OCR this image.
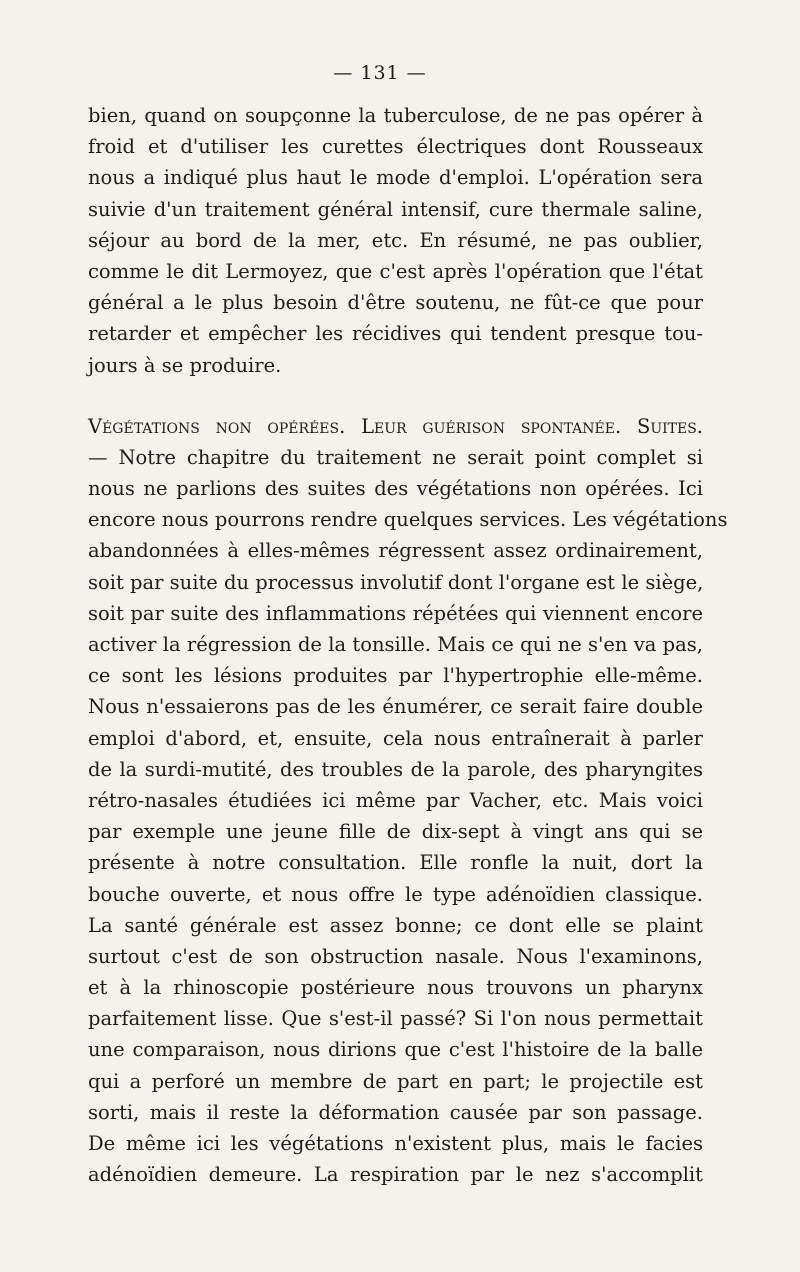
— 131 —
bien, quand on soupçonne la tuberculose, de ne pas opérer à
froid et d'utiliser les curettes électriques dont Rousseaux
nous a indiqué plus haut le mode d'emploi. L'opération sera
suivie d'un traitement général intensif, cure thermale saline,
séjour au bord de la mer, etc. En résumé, ne pas oublier,
comme le dit Lermoyez, que c'est après l'opération que l'état
général a le plus besoin d'être soutenu, ne fût-ce que pour
retarder et empêcher les récidives qui tendent presque tou-
jours à se produire.
Végétations non opérées. Leur guérison spontanée. Suites.
— Notre chapitre du traitement ne serait point complet si
nous ne parlions des suites des végétations non opérées. Ici
encore nous pourrons rendre quelques services. Les végétations
abandonnées à elles-mêmes régressent assez ordinairement,
soit par suite du processus involutif dont l'organe est le siège,
soit par suite des inflammations répétées qui viennent encore
activer la régression de la tonsille. Mais ce qui ne s'en va pas,
ce sont les lésions produites par l'hypertrophie elle-même.
Nous n'essaierons pas de les énumérer, ce serait faire double
emploi d'abord, et, ensuite, cela nous entraînerait à parler
de la surdi-mutité, des troubles de la parole, des pharyngites
rétro-nasales étudiées ici même par Vacher, etc. Mais voici
par exemple une jeune fille de dix-sept à vingt ans qui se
présente à notre consultation. Elle ronfle la nuit, dort la
bouche ouverte, et nous offre le type adénoïdien classique.
La santé générale est assez bonne; ce dont elle se plaint
surtout c'est de son obstruction nasale. Nous l'examinons,
et à la rhinoscopie postérieure nous trouvons un pharynx
parfaitement lisse. Que s'est-il passé? Si l'on nous permettait
une comparaison, nous dirions que c'est l'histoire de la balle
qui a perforé un membre de part en part; le projectile est
sorti, mais il reste la déformation causée par son passage.
De même ici les végétations n'existent plus, mais le facies
adénoïdien demeure. La respiration par le nez s'accomplit
